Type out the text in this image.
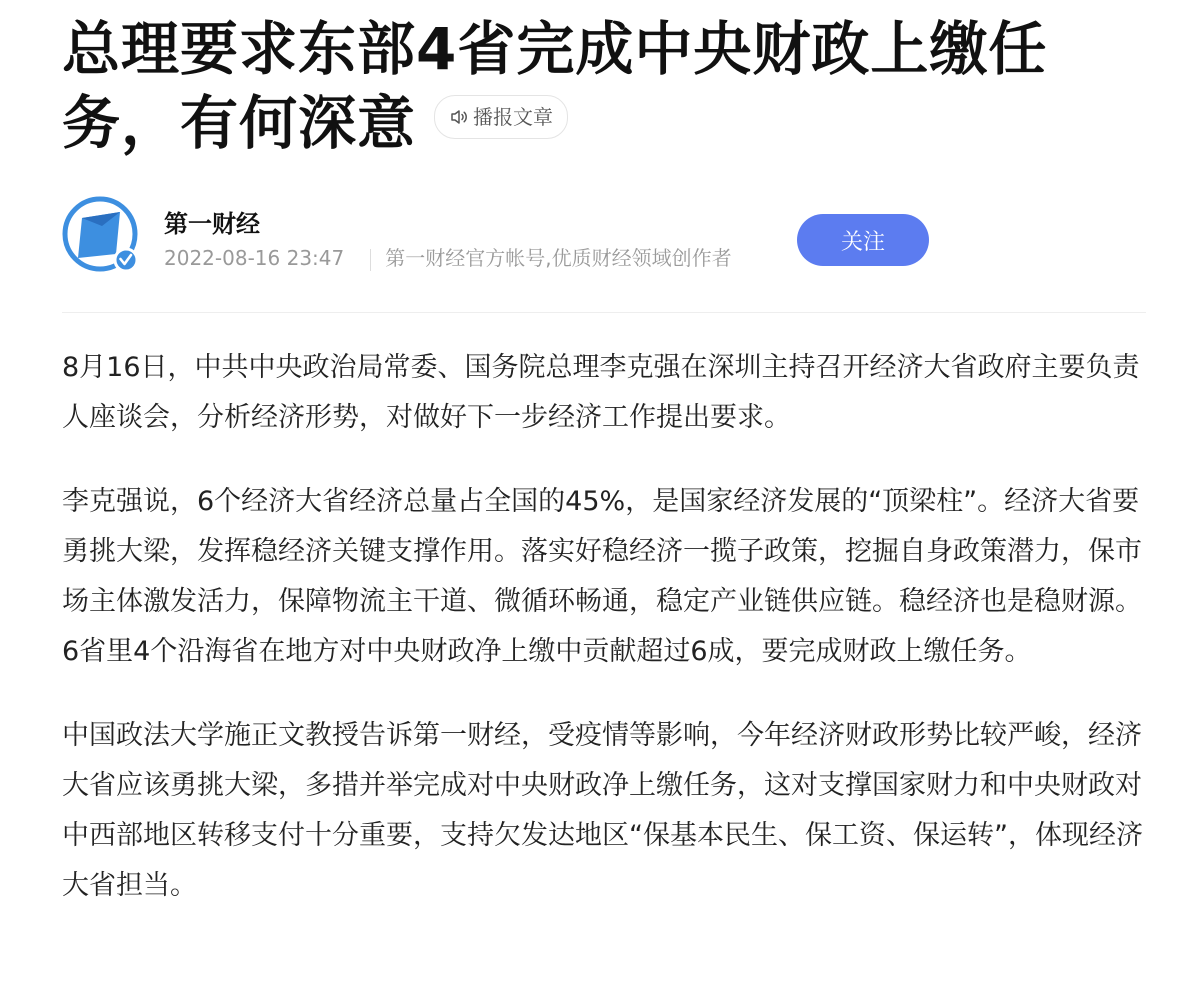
总理要求东部4省完成中央财政上缴任务，有何深意	播报文章
第一财经
2022-08-16 23:47 第一财经官方帐号,优质财经领域创作者
关注

8月16日，中共中央政治局常委、国务院总理李克强在深圳主持召开经济大省政府主要负责人座谈会，分析经济形势，对做好下一步经济工作提出要求。

李克强说，6个经济大省经济总量占全国的45%，是国家经济发展的“顶梁柱”。经济大省要勇挑大梁，发挥稳经济关键支撑作用。落实好稳经济一揽子政策，挖掘自身政策潜力，保市场主体激发活力，保障物流主干道、微循环畅通，稳定产业链供应链。稳经济也是稳财源。6省里4个沿海省在地方对中央财政净上缴中贡献超过6成，要完成财政上缴任务。

中国政法大学施正文教授告诉第一财经，受疫情等影响，今年经济财政形势比较严峻，经济大省应该勇挑大梁，多措并举完成对中央财政净上缴任务，这对支撑国家财力和中央财政对中西部地区转移支付十分重要，支持欠发达地区“保基本民生、保工资、保运转”，体现经济大省担当。
